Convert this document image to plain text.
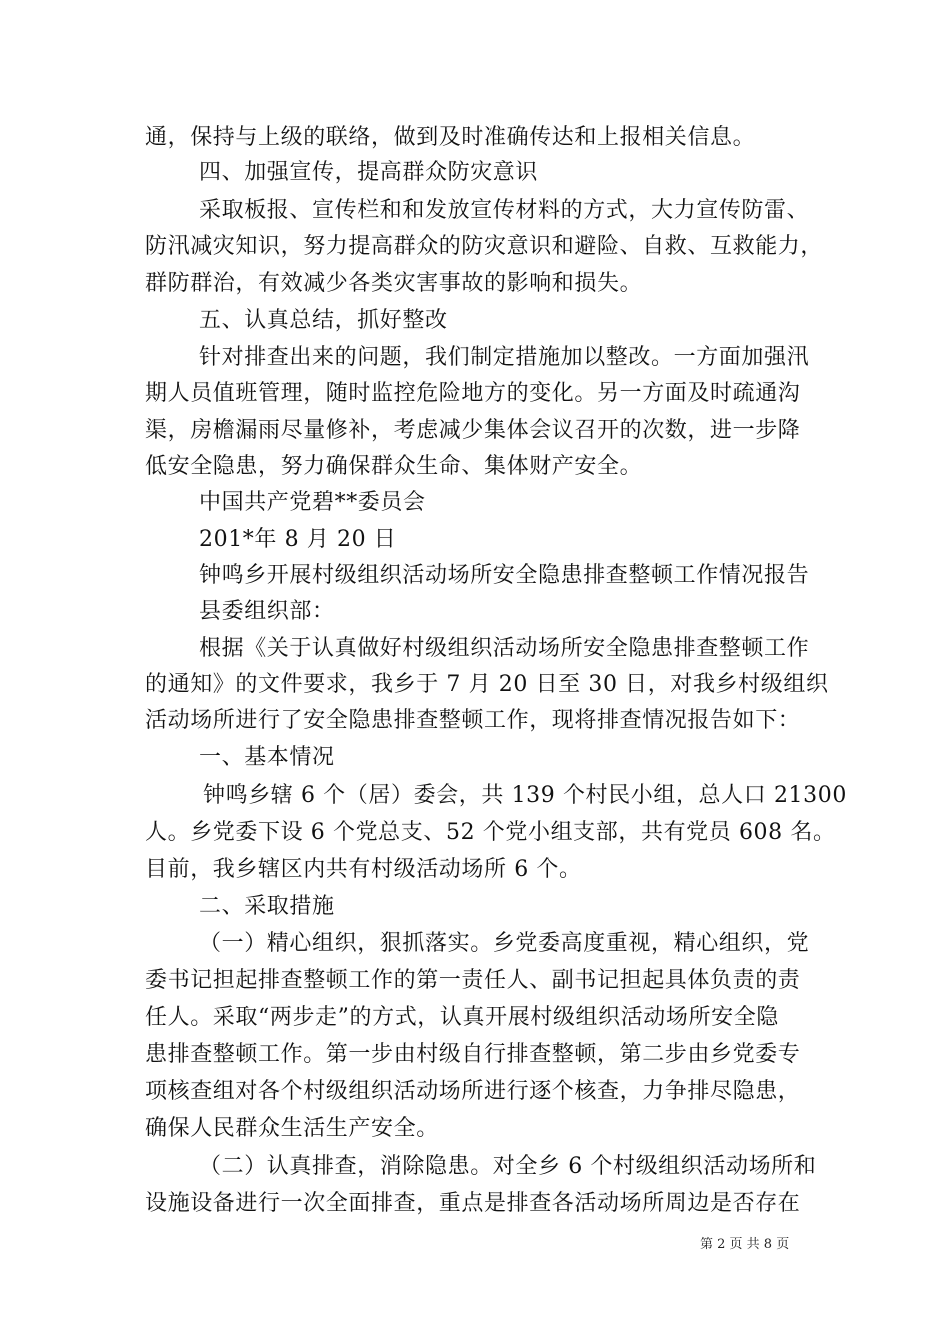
通，保持与上级的联络，做到及时准确传达和上报相关信息。
四、加强宣传，提高群众防灾意识
采取板报、宣传栏和和发放宣传材料的方式，大力宣传防雷、
防汛减灾知识，努力提高群众的防灾意识和避险、自救、互救能力，
群防群治，有效减少各类灾害事故的影响和损失。
五、认真总结，抓好整改
针对排查出来的问题，我们制定措施加以整改。一方面加强汛
期人员值班管理，随时监控危险地方的变化。另一方面及时疏通沟
渠，房檐漏雨尽量修补，考虑减少集体会议召开的次数，进一步降
低安全隐患，努力确保群众生命、集体财产安全。
中国共产党碧**委员会
201*年 8 月 20 日
钟鸣乡开展村级组织活动场所安全隐患排查整顿工作情况报告
县委组织部：
根据《关于认真做好村级组织活动场所安全隐患排查整顿工作
的通知》的文件要求，我乡于 7 月 20 日至 30 日，对我乡村级组织
活动场所进行了安全隐患排查整顿工作，现将排查情况报告如下：
一、基本情况
钟鸣乡辖 6 个（居）委会，共 139 个村民小组，总人口 21300
人。乡党委下设 6 个党总支、52 个党小组支部，共有党员 608 名。
目前，我乡辖区内共有村级活动场所 6 个。
二、采取措施
（一）精心组织，狠抓落实。乡党委高度重视，精心组织，党
委书记担起排查整顿工作的第一责任人、副书记担起具体负责的责
任人。采取“两步走”的方式，认真开展村级组织活动场所安全隐
患排查整顿工作。第一步由村级自行排查整顿，第二步由乡党委专
项核查组对各个村级组织活动场所进行逐个核查，力争排尽隐患，
确保人民群众生活生产安全。
（二）认真排查，消除隐患。对全乡 6 个村级组织活动场所和
设施设备进行一次全面排查，重点是排查各活动场所周边是否存在
第 2 页 共 8 页
